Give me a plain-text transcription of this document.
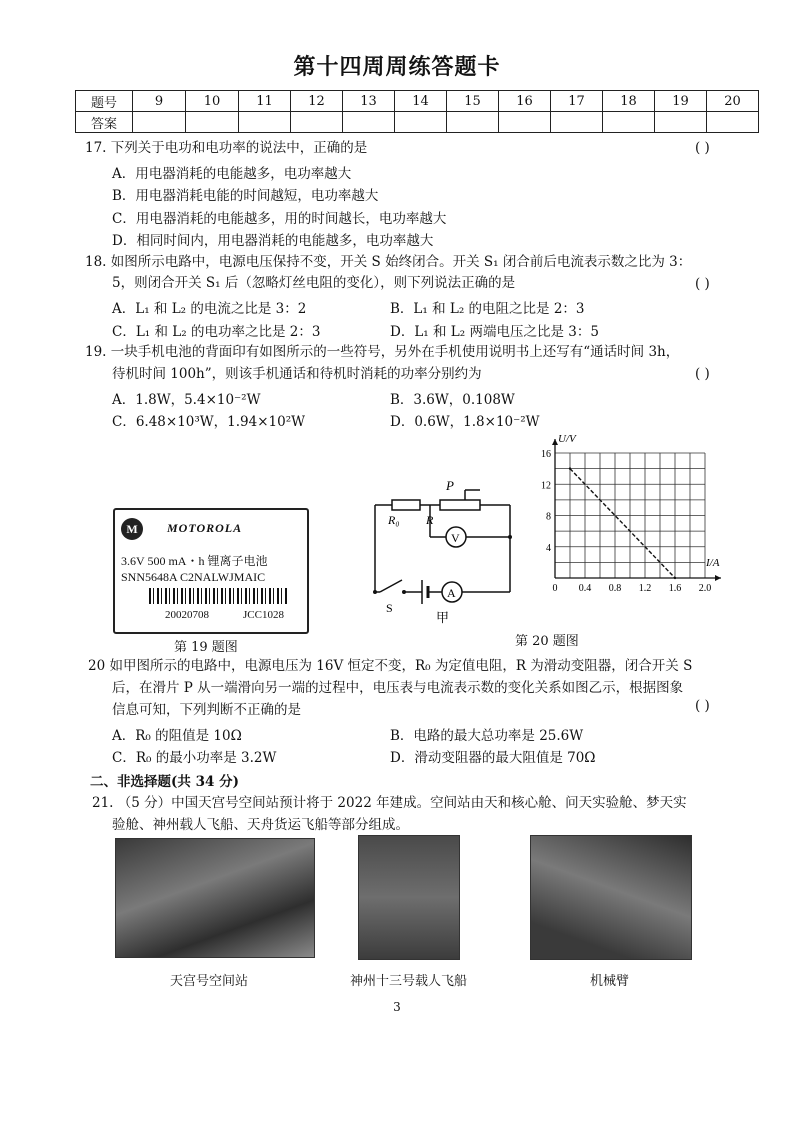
第十四周周练答题卡
题号	9	10	11	12	13	14	15	16	17	18	19	20
答案												
17. 下列关于电功和电功率的说法中，正确的是	( )
A．用电器消耗的电能越多，电功率越大
B．用电器消耗电能的时间越短，电功率越大
C．用电器消耗的电能越多，用的时间越长，电功率越大
D．相同时间内，用电器消耗的电能越多，电功率越大
18. 如图所示电路中，电源电压保持不变，开关 S 始终闭合。开关 S₁ 闭合前后电流表示数之比为 3：
5，则闭合开关 S₁ 后（忽略灯丝电阻的变化），则下列说法正确的是	( )
A．L₁ 和 L₂ 的电流之比是 3：2	B．L₁ 和 L₂ 的电阻之比是 2：3
C．L₁ 和 L₂ 的电功率之比是 2：3	D．L₁ 和 L₂ 两端电压之比是 3：5
19. 一块手机电池的背面印有如图所示的一些符号，另外在手机使用说明书上还写有“通话时间 3h，
待机时间 100h”，则该手机通话和待机时消耗的功率分别约为	( )
A．1.8W，5.4×10⁻²W	B．3.6W，0.108W
C．6.48×10³W，1.94×10²W	D．0.6W，1.8×10⁻²W
M	MOTOROLA
3.6V 500 mA・h 锂离子电池
SNN5648A C2NALWJMAIC
20020708	JCC1028
第 19 题图
P
R₀ R
V
A
S
甲
0 0.4 0.8 1.2 1.6 2.0
4
8
12
16
U/V
I/A
第 20 题图
20 如甲图所示的电路中，电源电压为 16V 恒定不变，R₀ 为定值电阻，R 为滑动变阻器，闭合开关 S
后，在滑片 P 从一端滑向另一端的过程中，电压表与电流表示数的变化关系如图乙示，根据图象
信息可知，下列判断不正确的是	( )
A．R₀ 的阻值是 10Ω	B．电路的最大总功率是 25.6W
C．R₀ 的最小功率是 3.2W	D．滑动变阻器的最大阻值是 70Ω
二、非选择题(共 34 分)
21. （5 分）中国天宫号空间站预计将于 2022 年建成。空间站由天和核心舱、问天实验舱、梦天实
验舱、神州载人飞船、天舟货运飞船等部分组成。
天宫号空间站	神州十三号载人飞船	机械臂
3
